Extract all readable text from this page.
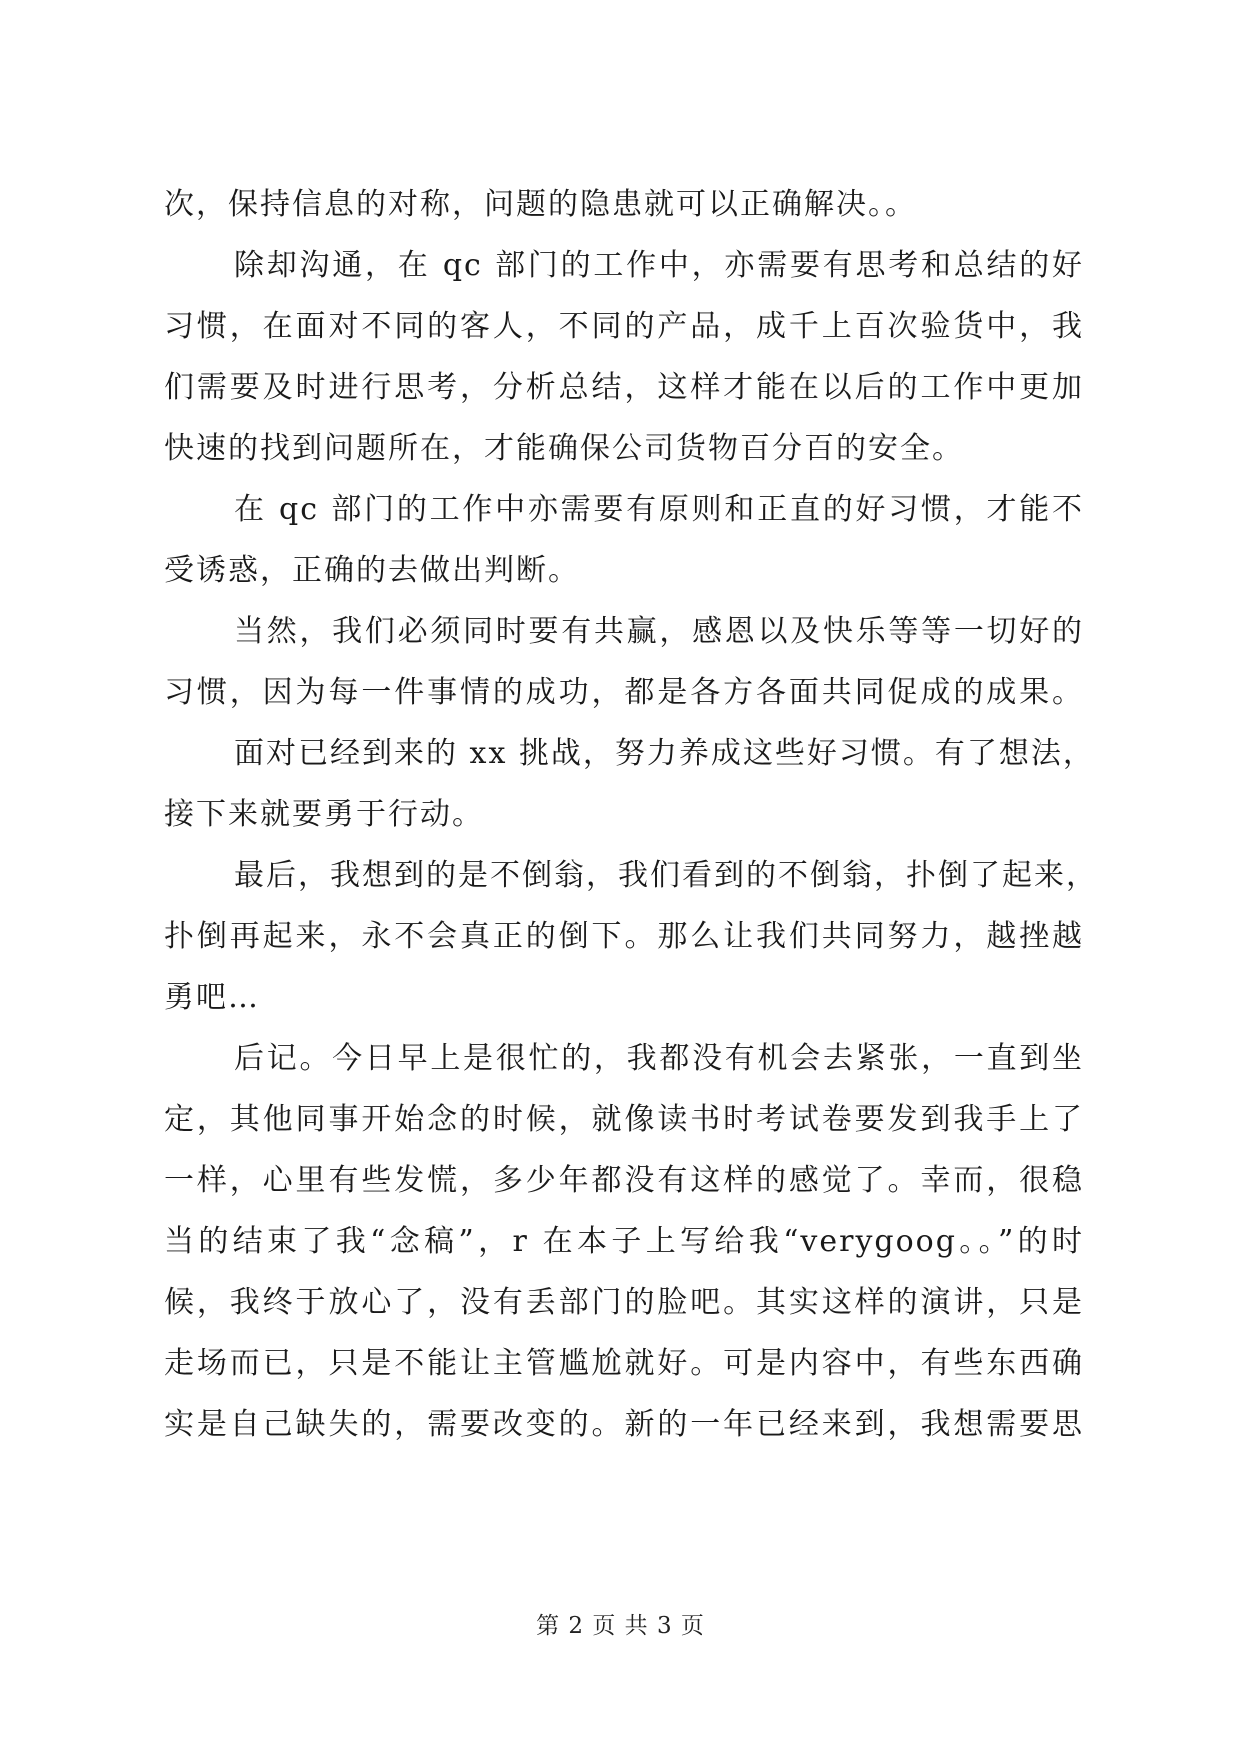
次，保持信息的对称，问题的隐患就可以正确解决。。
除却沟通，在 qc 部门的工作中，亦需要有思考和总结的好
习惯，在面对不同的客人，不同的产品，成千上百次验货中，我
们需要及时进行思考，分析总结，这样才能在以后的工作中更加
快速的找到问题所在，才能确保公司货物百分百的安全。
在 qc 部门的工作中亦需要有原则和正直的好习惯，才能不
受诱惑，正确的去做出判断。
当然，我们必须同时要有共赢，感恩以及快乐等等一切好的
习惯，因为每一件事情的成功，都是各方各面共同促成的成果。
面对已经到来的 xx 挑战，努力养成这些好习惯。有了想法，
接下来就要勇于行动。
最后，我想到的是不倒翁，我们看到的不倒翁，扑倒了起来，
扑倒再起来，永不会真正的倒下。那么让我们共同努力，越挫越
勇吧…
后记。今日早上是很忙的，我都没有机会去紧张，一直到坐
定，其他同事开始念的时候，就像读书时考试卷要发到我手上了
一样，心里有些发慌，多少年都没有这样的感觉了。幸而，很稳
当的结束了我“念稿”，r 在本子上写给我“verygoog。。”的时
候，我终于放心了，没有丢部门的脸吧。其实这样的演讲，只是
走场而已，只是不能让主管尴尬就好。可是内容中，有些东西确
实是自己缺失的，需要改变的。新的一年已经来到，我想需要思
第 2 页 共 3 页
